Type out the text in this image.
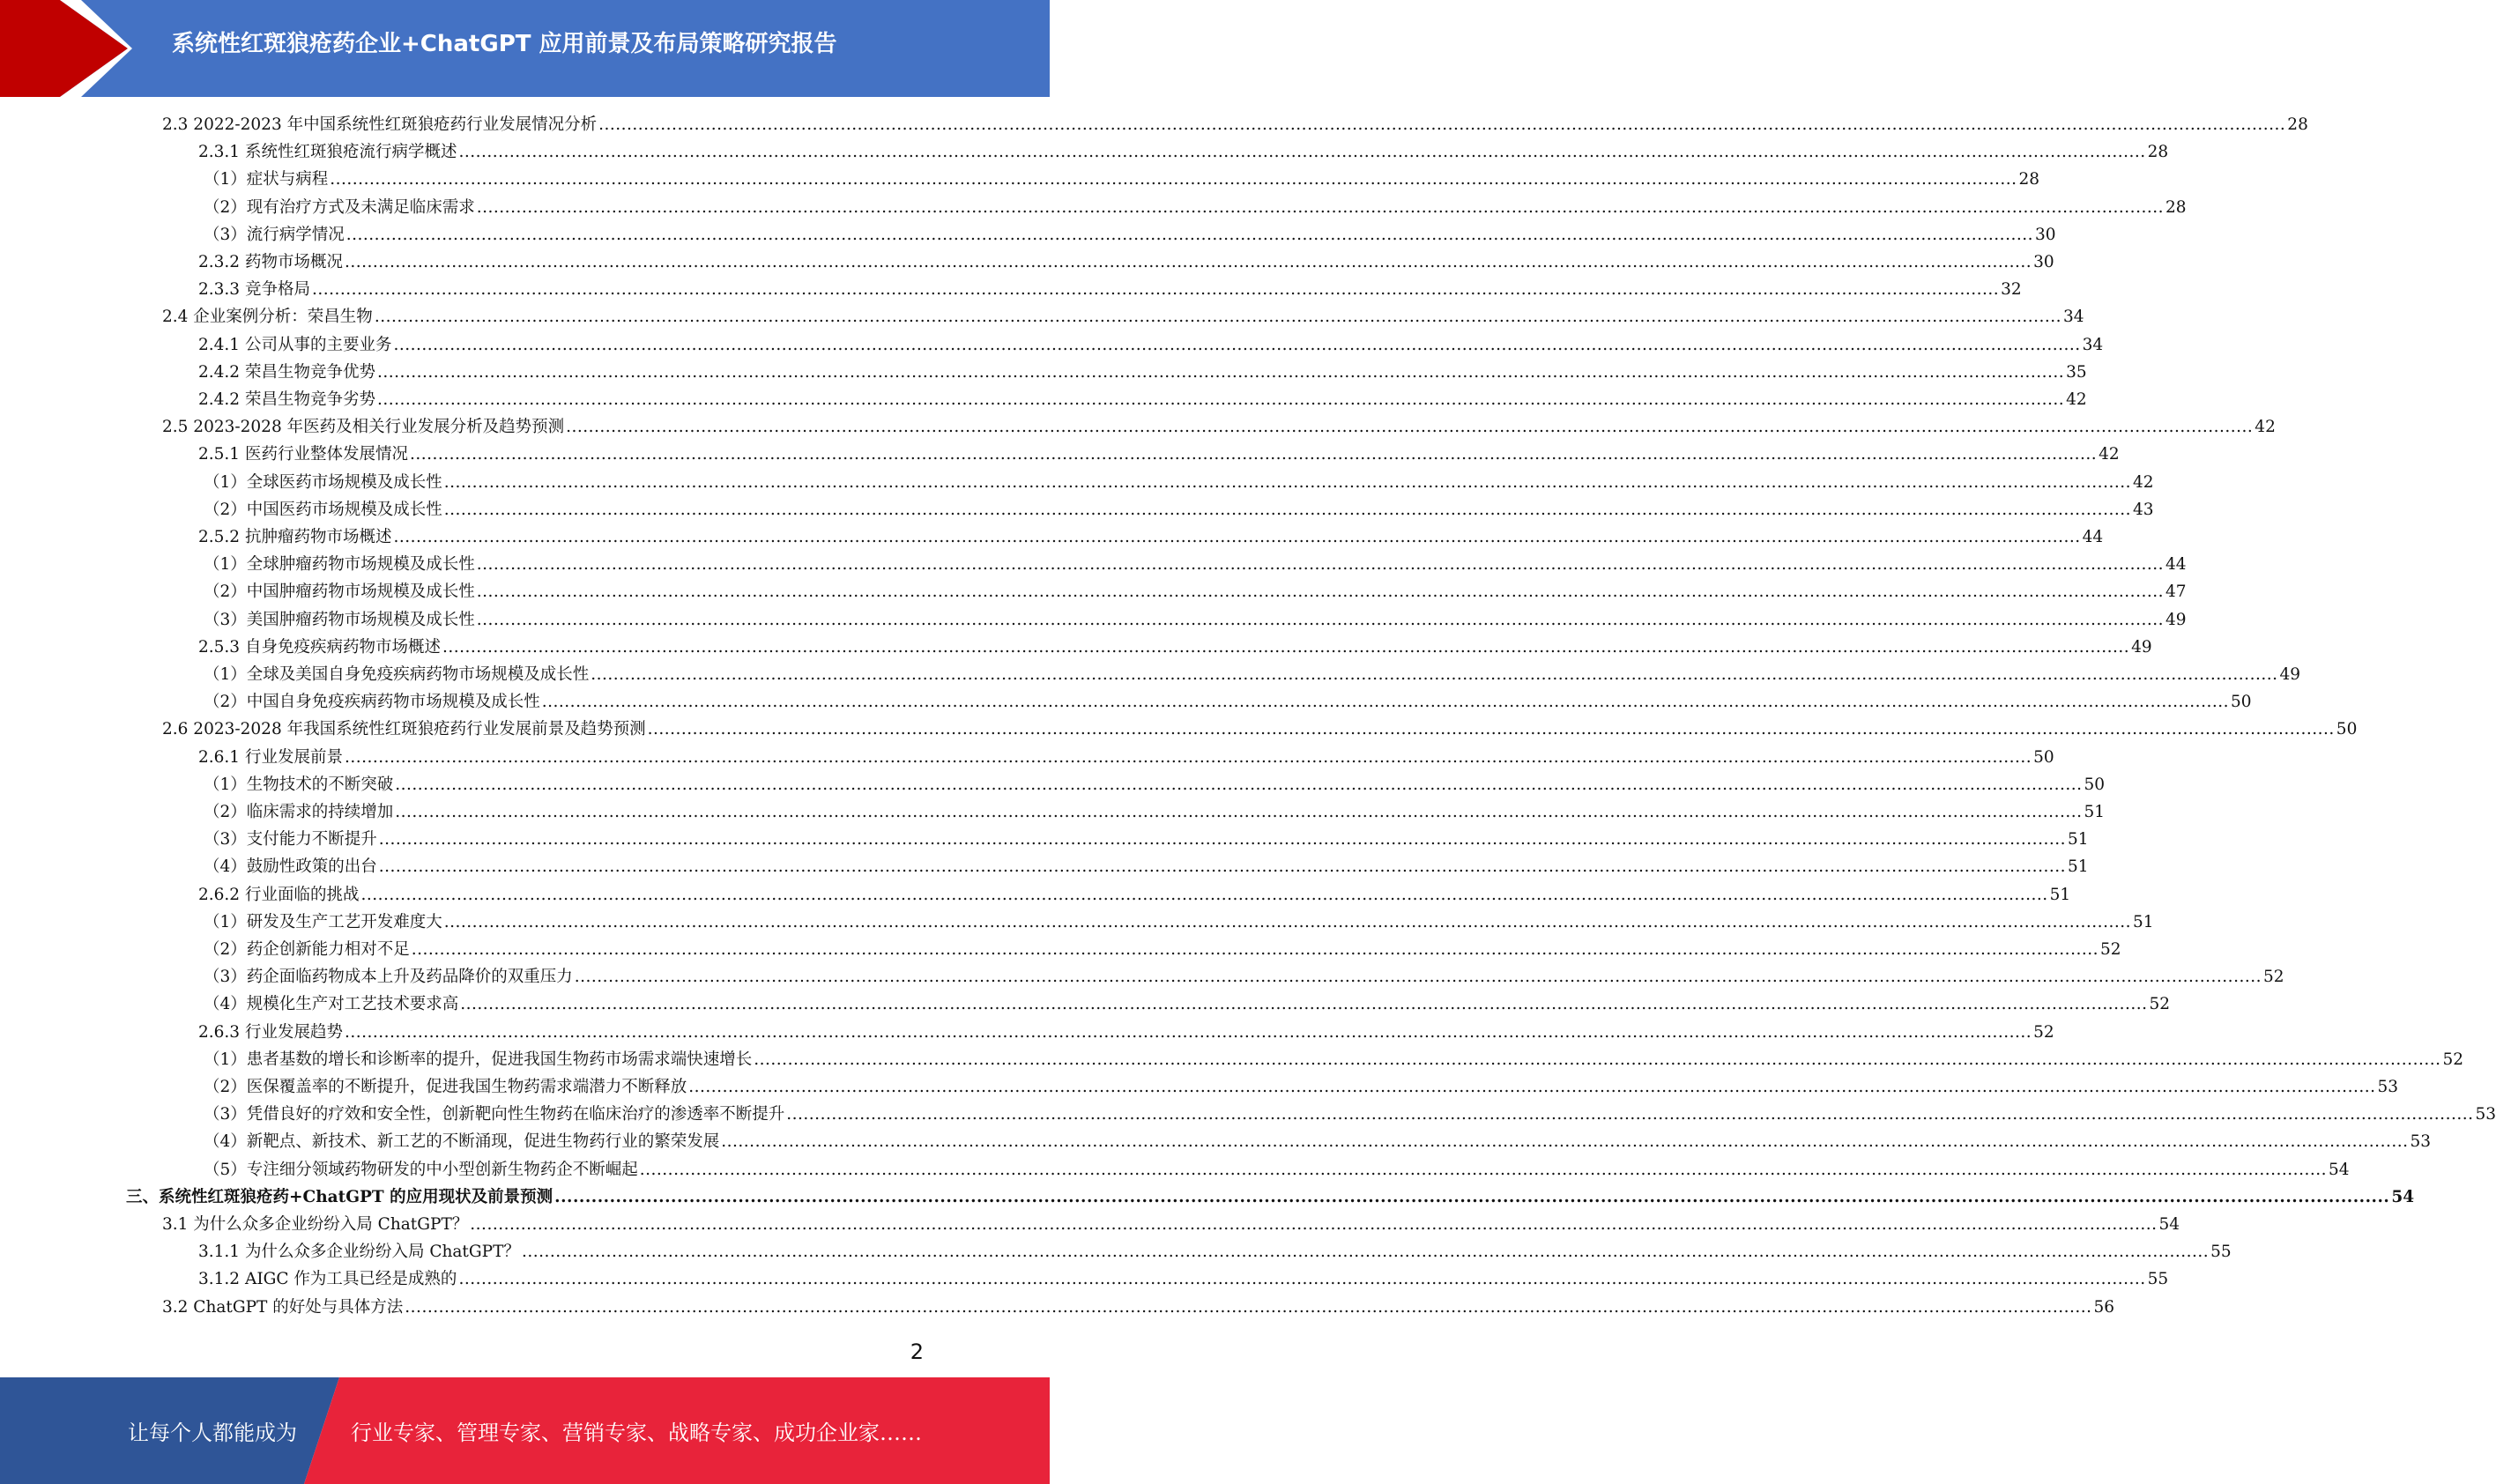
系统性红斑狼疮药企业+ChatGPT 应用前景及布局策略研究报告
2.3 2022-2023 年中国系统性红斑狼疮药行业发展情况分析 ............................................................................................................................................................................................................................................................................................................ 28
2.3.1 系统性红斑狼疮流行病学概述 ............................................................................................................................................................................................................................................................................................................ 28
（1）症状与病程 ............................................................................................................................................................................................................................................................................................................ 28
（2）现有治疗方式及未满足临床需求 ............................................................................................................................................................................................................................................................................................................ 28
（3）流行病学情况 ............................................................................................................................................................................................................................................................................................................ 30
2.3.2 药物市场概况 ............................................................................................................................................................................................................................................................................................................ 30
2.3.3 竞争格局 ............................................................................................................................................................................................................................................................................................................ 32
2.4 企业案例分析：荣昌生物 ............................................................................................................................................................................................................................................................................................................ 34
2.4.1 公司从事的主要业务 ............................................................................................................................................................................................................................................................................................................ 34
2.4.2 荣昌生物竞争优势 ............................................................................................................................................................................................................................................................................................................ 35
2.4.2 荣昌生物竞争劣势 ............................................................................................................................................................................................................................................................................................................ 42
2.5 2023-2028 年医药及相关行业发展分析及趋势预测 ............................................................................................................................................................................................................................................................................................................ 42
2.5.1 医药行业整体发展情况 ............................................................................................................................................................................................................................................................................................................ 42
（1）全球医药市场规模及成长性 ............................................................................................................................................................................................................................................................................................................ 42
（2）中国医药市场规模及成长性 ............................................................................................................................................................................................................................................................................................................ 43
2.5.2 抗肿瘤药物市场概述 ............................................................................................................................................................................................................................................................................................................ 44
（1）全球肿瘤药物市场规模及成长性 ............................................................................................................................................................................................................................................................................................................ 44
（2）中国肿瘤药物市场规模及成长性 ............................................................................................................................................................................................................................................................................................................ 47
（3）美国肿瘤药物市场规模及成长性 ............................................................................................................................................................................................................................................................................................................ 49
2.5.3 自身免疫疾病药物市场概述 ............................................................................................................................................................................................................................................................................................................ 49
（1）全球及美国自身免疫疾病药物市场规模及成长性 ............................................................................................................................................................................................................................................................................................................ 49
（2）中国自身免疫疾病药物市场规模及成长性 ............................................................................................................................................................................................................................................................................................................ 50
2.6 2023-2028 年我国系统性红斑狼疮药行业发展前景及趋势预测 ............................................................................................................................................................................................................................................................................................................ 50
2.6.1 行业发展前景 ............................................................................................................................................................................................................................................................................................................ 50
（1）生物技术的不断突破 ............................................................................................................................................................................................................................................................................................................ 50
（2）临床需求的持续增加 ............................................................................................................................................................................................................................................................................................................ 51
（3）支付能力不断提升 ............................................................................................................................................................................................................................................................................................................ 51
（4）鼓励性政策的出台 ............................................................................................................................................................................................................................................................................................................ 51
2.6.2 行业面临的挑战 ............................................................................................................................................................................................................................................................................................................ 51
（1）研发及生产工艺开发难度大 ............................................................................................................................................................................................................................................................................................................ 51
（2）药企创新能力相对不足 ............................................................................................................................................................................................................................................................................................................ 52
（3）药企面临药物成本上升及药品降价的双重压力 ............................................................................................................................................................................................................................................................................................................ 52
（4）规模化生产对工艺技术要求高 ............................................................................................................................................................................................................................................................................................................ 52
2.6.3 行业发展趋势 ............................................................................................................................................................................................................................................................................................................ 52
（1）患者基数的增长和诊断率的提升，促进我国生物药市场需求端快速增长 ............................................................................................................................................................................................................................................................................................................ 52
（2）医保覆盖率的不断提升，促进我国生物药需求端潜力不断释放 ............................................................................................................................................................................................................................................................................................................ 53
（3）凭借良好的疗效和安全性，创新靶向性生物药在临床治疗的渗透率不断提升 ............................................................................................................................................................................................................................................................................................................ 53
（4）新靶点、新技术、新工艺的不断涌现，促进生物药行业的繁荣发展 ............................................................................................................................................................................................................................................................................................................ 53
（5）专注细分领域药物研发的中小型创新生物药企不断崛起 ............................................................................................................................................................................................................................................................................................................ 54
三、系统性红斑狼疮药+ChatGPT 的应用现状及前景预测 ............................................................................................................................................................................................................................................................................................................ 54
3.1 为什么众多企业纷纷入局 ChatGPT？ ............................................................................................................................................................................................................................................................................................................ 54
3.1.1 为什么众多企业纷纷入局 ChatGPT？ ............................................................................................................................................................................................................................................................................................................ 55
3.1.2 AIGC 作为工具已经是成熟的 ............................................................................................................................................................................................................................................................................................................ 55
3.2 ChatGPT 的好处与具体方法 ............................................................................................................................................................................................................................................................................................................ 56
2
让每个人都能成为	行业专家、管理专家、营销专家、战略专家、成功企业家……
